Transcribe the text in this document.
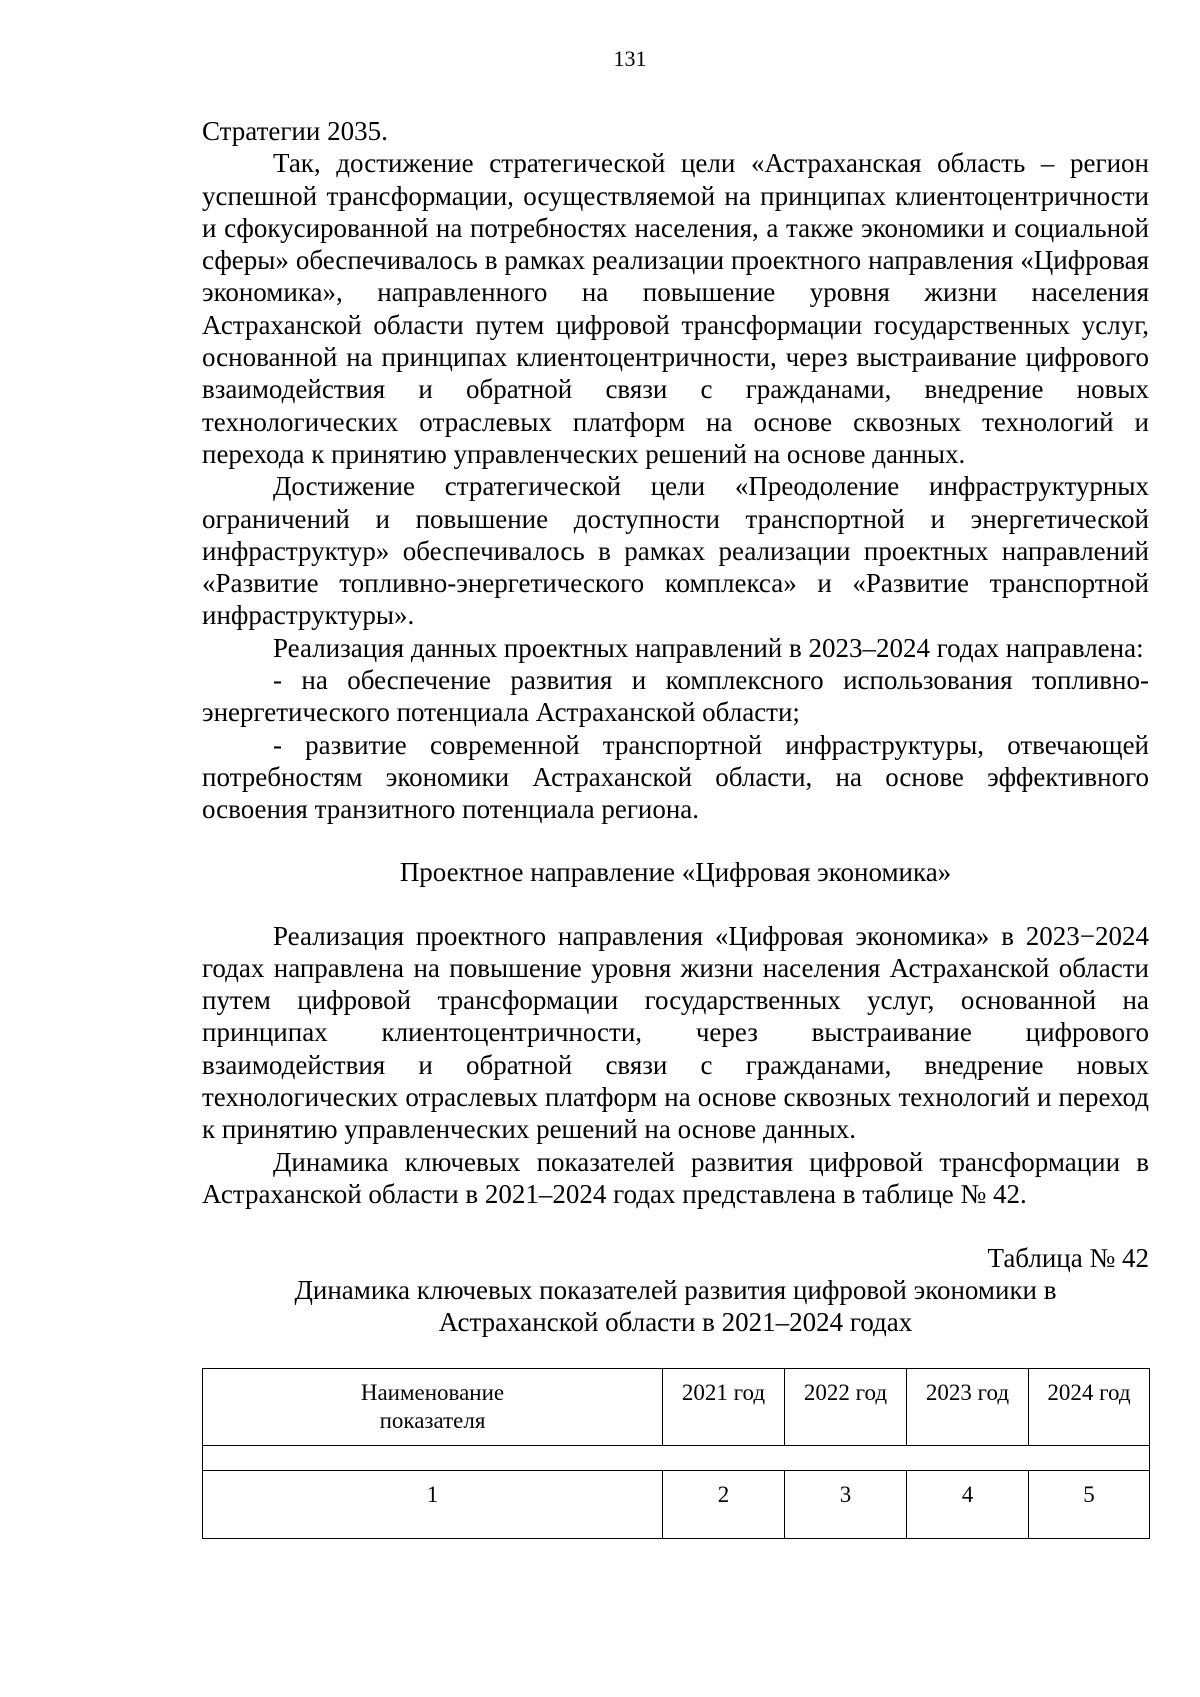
131

Стратегии 2035.

Так, достижение стратегической цели «Астраханская область – регион успешной трансформации, осуществляемой на принципах клиентоцентричности и сфокусированной на потребностях населения, а также экономики и социальной сферы» обеспечивалось в рамках реализации проектного направления «Цифровая экономика», направленного на повышение уровня жизни населения Астраханской области путем цифровой трансформации государственных услуг, основанной на принципах клиентоцентричности, через выстраивание цифрового взаимодействия и обратной связи с гражданами, внедрение новых технологических отраслевых платформ на основе сквозных технологий и перехода к принятию управленческих решений на основе данных.

Достижение стратегической цели «Преодоление инфраструктурных ограничений и повышение доступности транспортной и энергетической инфраструктур» обеспечивалось в рамках реализации проектных направлений «Развитие топливно-энергетического комплекса» и «Развитие транспортной инфраструктуры».

Реализация данных проектных направлений в 2023–2024 годах направлена:

- на обеспечение развития и комплексного использования топливно-энергетического потенциала Астраханской области;

- развитие современной транспортной инфраструктуры, отвечающей потребностям экономики Астраханской области, на основе эффективного освоения транзитного потенциала региона.

Проектное направление «Цифровая экономика»

Реализация проектного направления «Цифровая экономика» в 2023−2024 годах направлена на повышение уровня жизни населения Астраханской области путем цифровой трансформации государственных услуг, основанной на принципах клиентоцентричности, через выстраивание цифрового взаимодействия и обратной связи с гражданами, внедрение новых технологических отраслевых платформ на основе сквозных технологий и переход к принятию управленческих решений на основе данных.

Динамика ключевых показателей развития цифровой трансформации в Астраханской области в 2021–2024 годах представлена в таблице № 42.

Таблица № 42

Динамика ключевых показателей развития цифровой экономики в Астраханской области в 2021–2024 годах

Наименование показателя	2021 год	2022 год	2023 год	2024 год

1	2	3	4	5
